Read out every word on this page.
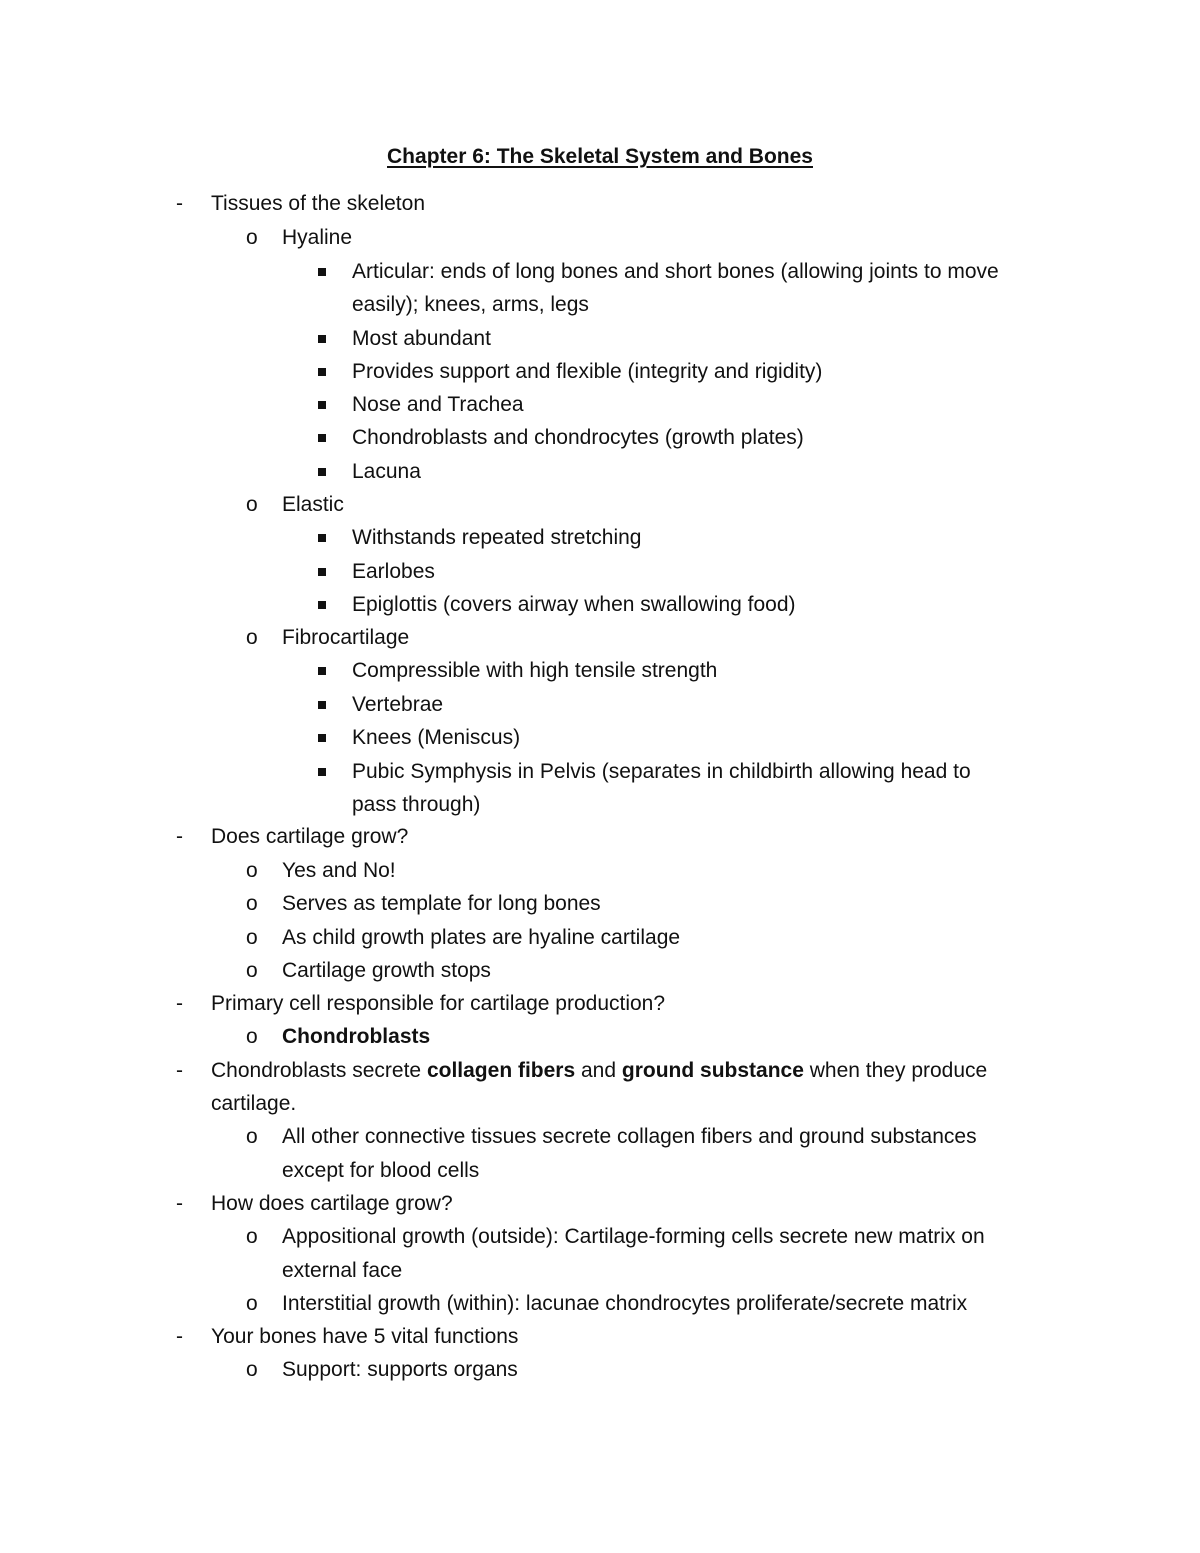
Chapter 6: The Skeletal System and Bones
- Tissues of the skeleton
o Hyaline
Articular: ends of long bones and short bones (allowing joints to move
easily); knees, arms, legs
Most abundant
Provides support and flexible (integrity and rigidity)
Nose and Trachea
Chondroblasts and chondrocytes (growth plates)
Lacuna
o Elastic
Withstands repeated stretching
Earlobes
Epiglottis (covers airway when swallowing food)
o Fibrocartilage
Compressible with high tensile strength
Vertebrae
Knees (Meniscus)
Pubic Symphysis in Pelvis (separates in childbirth allowing head to
pass through)
- Does cartilage grow?
o Yes and No!
o Serves as template for long bones
o As child growth plates are hyaline cartilage
o Cartilage growth stops
- Primary cell responsible for cartilage production?
o Chondroblasts
- Chondroblasts secrete collagen fibers and ground substance when they produce
cartilage.
o All other connective tissues secrete collagen fibers and ground substances
except for blood cells
- How does cartilage grow?
o Appositional growth (outside): Cartilage-forming cells secrete new matrix on
external face
o Interstitial growth (within): lacunae chondrocytes proliferate/secrete matrix
- Your bones have 5 vital functions
o Support: supports organs
